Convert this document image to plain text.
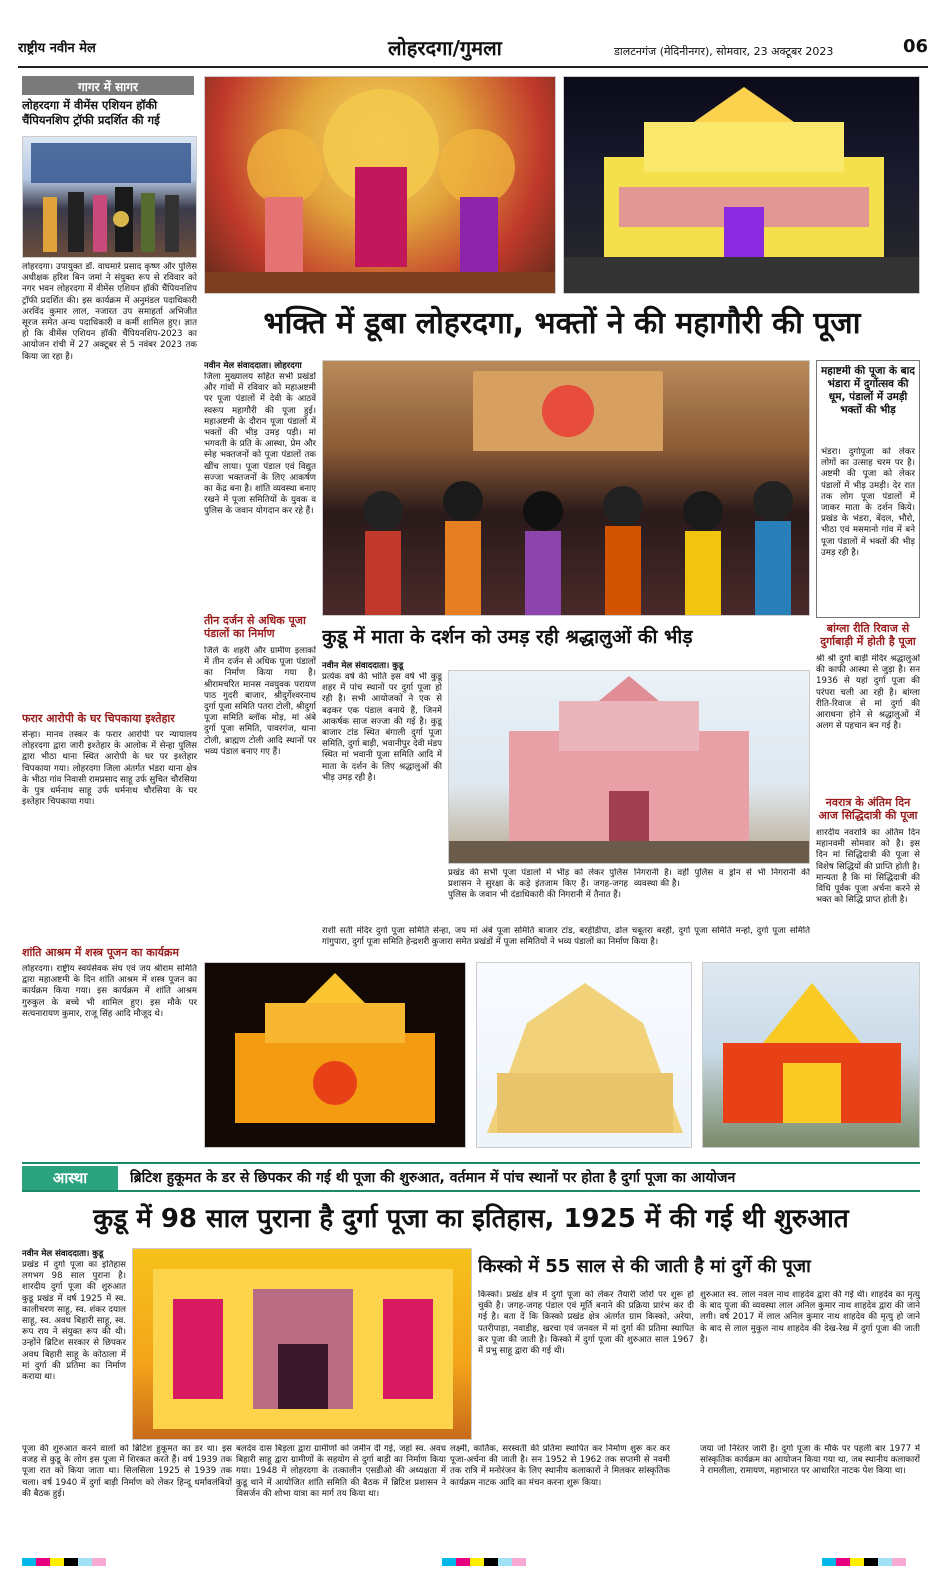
राष्ट्रीय नवीन मेल	लोहरदगा/गुमला	डालटनगंज (मेदिनीनगर), सोमवार, 23 अक्टूबर 2023	06
गागर में सागर
लोहरदगा में वीमेंस एशियन हॉकी चैंपियनशिप ट्रॉफी प्रदर्शित की गई
लोहरदगा। उपायुक्त डॉ. वाघमारे प्रसाद कृष्ण और पुलिस अधीक्षक हरिश बिन जमां ने संयुक्त रूप से रविवार को नगर भवन लोहरदगा में वीमेंस एशियन हॉकी चैंपियनशिप ट्रॉफी प्रदर्शित की। इस कार्यक्रम में अनुमंडल पदाधिकारी अरविंद कुमार लाल, नजारत उप समाहर्ता अभिजीत सूरज समेत अन्य पदाधिकारी व कर्मी शामिल हुए। ज्ञात हो कि वीमेंस एशियन हॉकी चैंपियनशिप-2023 का आयोजन रांची में 27 अक्टूबर से 5 नवंबर 2023 तक किया जा रहा है।
फरार आरोपी के घर चिपकाया इश्तेहार
सेन्हा। मानव तस्कर के फरार आरोपी पर न्यायालय लोहरदगा द्वारा जारी इश्तेहार के आलोक में सेन्हा पुलिस द्वारा भीठा थाना स्थित आरोपी के घर पर इश्तेहार चिपकाया गया। लोहरदगा जिला अंतर्गत भंडरा थाना क्षेत्र के भीठा गांव निवासी रामप्रसाद साहू उर्फ सुचित चौरसिया के पुत्र धर्मनाथ साहू उर्फ धर्मनाथ चौरसिया के घर इश्तेहार चिपकाया गया।
शांति आश्रम में शस्त्र पूजन का कार्यक्रम
लोहरदगा। राष्ट्रीय स्वयंसेवक संघ एवं जय श्रीराम समिति द्वारा महाअष्टमी के दिन शांति आश्रम में शस्त्र पूजन का कार्यक्रम किया गया। इस कार्यक्रम में शांति आश्रम गुरुकुल के बच्चे भी शामिल हुए। इस मौके पर सत्यनारायण कुमार, राजू सिंह आदि मौजूद थे।
भक्ति में डूबा लोहरदगा, भक्तों ने की महागौरी की पूजा
नवीन मेल संवाददाता। लोहरदगा
जिला मुख्यालय सहित सभी प्रखंडों और गांवों में रविवार को महाअष्टमी पर पूजा पंडालों में देवी के आठवें स्वरूप महागौरी की पूजा हुई। महाअष्टमी के दौरान पूजा पंडालों में भक्तों की भीड़ उमड़ पड़ी। मां भगवती के प्रति के आस्था, प्रेम और स्नेह भक्तजनों को पूजा पंडालों तक खींच लाया। पूजा पंडाल एवं विद्युत सज्जा भक्तजनों के लिए आकर्षण का केंद्र बना है। शांति व्यवस्था बनाए रखने में पूजा समितियों के युवक व पुलिस के जवान योगदान कर रहे हैं।
तीन दर्जन से अधिक पूजा पंडालों का निर्माण
जिले के शहरी और ग्रामीण इलाकों में तीन दर्जन से अधिक पूजा पंडालों का निर्माण किया गया है। श्रीरामचरित मानस नवयुवक परायण पाठ गुदरी बाजार, श्रीदुर्गेश्वरनाथ दुर्गा पूजा समिति पतरा टोली, श्रीदुर्गा पूजा समिति ब्लॉक मोड़, मां अंबे दुर्गा पूजा समिति, पावरगंज, थाना टोली, ब्राह्मण टोली आदि स्थानों पर भव्य पंडाल बनाए गए हैं।
महाष्टमी की पूजा के बाद भंडारा में दुर्गोत्सव की धूम, पंडालों में उमड़ी भक्तों की भीड़
भंडरा। दुर्गापूजा को लेकर लोगों का उत्साह चरम पर है। अष्टमी की पूजा को लेकर पंडालों में भीड़ उमड़ी। देर रात तक लोग पूजा पंडालों में जाकर माता के दर्शन किये। प्रखंड के भंडरा, बेंदल, भौरो, भीठा एवं मसमानो गांव में बने पूजा पंडालों में भक्तों की भीड़ उमड़ रही है।
बांग्ला रीति रिवाज से दुर्गाबाड़ी में होती है पूजा
श्री श्री दुर्गा बाड़ी मंदिर श्रद्धालुओं की काफी आस्था से जुड़ा है। सन 1936 से यहां दुर्गा पूजा की परंपरा चली आ रही है। बांग्ला रीति-रिवाज से मां दुर्गा की आराधना होने से श्रद्धालुओं में अलग से पहचान बन गई है।
नवरात्र के अंतिम दिन आज सिद्धिदात्री की पूजा
शारदीय नवरात्रि का अंतिम दिन महानवमी सोमवार को है। इस दिन मां सिद्धिदात्री की पूजा से विशेष सिद्धियों की प्राप्ति होती है। मान्यता है कि मां सिद्धिदात्री की विधि पूर्वक पूजा अर्चना करने से भक्त को सिद्धि प्राप्त होती है।
कुडू में माता के दर्शन को उमड़ रही श्रद्धालुओं की भीड़
नवीन मेल संवाददाता। कुडू
प्रत्येक वर्ष की भांति इस वर्ष भी कुडू शहर में पांच स्थानों पर दुर्गा पूजा हो रही है। सभी आयोजकों ने एक से बढ़कर एक पंडाल बनाये हैं, जिनमें आकर्षक साज सज्जा की गई है। कुडू बाजार टांड स्थित बंगाली दुर्गा पूजा समिति, दुर्गा बाड़ी, भवानीपुर देवी मंडप स्थित मां भवानी पूजा समिति आदि में माता के दर्शन के लिए श्रद्धालुओं की भीड़ उमड़ रही है।
प्रखंड की सभी पूजा पंडालों में भीड़ को लेकर पुलिस प्रशासन ने सुरक्षा के कड़े इंतजाम किए हैं। जगह-जगह पुलिस के जवान भी दंडाधिकारी की निगरानी में तैनात हैं।
निगरानी है। वहीं पुलिस व ड्रोन से भी निगरानी की व्यवस्था की है।
राशी सती मंदिर दुर्गा पूजा समिति सेन्हा, जय मां अंबे पूजा समिति बाजार टांड, बरहीडीपा, ढोल चबूतरा बरही, दुर्गा पूजा समिति मन्हो, दुर्गा पूजा समिति गांगुपारा, दुर्गा पूजा समिति हेन्द्रशरी कुजारा समेत प्रखंडों में पूजा समितियों ने भव्य पंडालों का निर्माण किया है।
आस्था	ब्रिटिश हुकूमत के डर से छिपकर की गई थी पूजा की शुरुआत, वर्तमान में पांच स्थानों पर होता है दुर्गा पूजा का आयोजन
कुडू में 98 साल पुराना है दुर्गा पूजा का इतिहास, 1925 में की गई थी शुरुआत
नवीन मेल संवाददाता। कुडू
प्रखंड में दुर्गा पूजा का इतिहास लगभग 98 साल पुराना है। शारदीय दुर्गा पूजा की शुरुआत कुडू प्रखंड में वर्ष 1925 में स्व. कालीचरण साहू, स्व. शंकर दयाल साहू, स्व. अवध बिहारी साहू, स्व. रूप राय ने संयुक्त रूप की थी। उन्होंने ब्रिटिश सरकार से छिपकर अवध बिहारी साहू के कोठाला में मां दुर्गा की प्रतिमा का निर्माण कराया था।
पूजा की शुरुआत करने वालों को ब्रिटिश हुकूमत का डर था। इस वजह से कुडू के लोग इस पूजा में शिरकत करते हैं। वर्ष 1939 तक पूजा रात को किया जाता था। सिलसिला 1925 से 1939 तक चला। वर्ष 1940 में दुर्गा बाड़ी निर्माण को लेकर हिन्दू धर्मावलंबियों की बैठक हुई।
बलदेव दास बिड़ला द्वारा ग्रामीणों को जमीन दी गई, जहां स्व. अवध बिहारी साहू द्वारा ग्रामीणों के सहयोग से दुर्गा बाड़ी का निर्माण किया गया। 1948 में लोहरदगा के तत्कालीन एसडीओ की अध्यक्षता में कुडू थाने में आयोजित शांति समिति की बैठक में ब्रिटिश प्रशासन ने विसर्जन की शोभा यात्रा का मार्ग तय किया था।
लक्ष्मी, कार्तिक, सरस्वती की प्रतिमा स्थापित कर निर्माण शुरू कर कर पूजा-अर्चना की जाती है। सन 1952 से 1962 तक सप्तमी से नवमी तक रात्रि में मनोरंजन के लिए स्थानीय कलाकारों ने मिलकर सांस्कृतिक कार्यक्रम नाटक आदि का मंचन करना शुरू किया।
किस्को में 55 साल से की जाती है मां दुर्गे की पूजा
किस्को। प्रखंड क्षेत्र में दुर्गा पूजा को लेकर तैयारी जोरों पर शुरू हो चुकी है। जगह-जगह पंडाल एवं मूर्ति बनाने की प्रक्रिया प्रारंभ कर दी गई है। बता दें कि किस्को प्रखंड क्षेत्र अंतर्गत ग्राम किस्को, अरेया, पतरीपाड़ा, नवाडीह, खरचा एवं जनवल में मां दुर्गा की प्रतिमा स्थापित कर पूजा की जाती है। किस्को में दुर्गा पूजा की शुरुआत साल 1967 में प्रभु साहू द्वारा की गई थी।
शुरुआत स्व. लाल नवल नाथ शाहदेव द्वारा की गई थी। शाहदेव का मृत्यु के बाद पूजा की व्यवस्था लाल अनिल कुमार नाथ शाहदेव द्वारा की जाने लगी। वर्ष 2017 में लाल अनिल कुमार नाथ शाहदेव की मृत्यु हो जाने के बाद से लाल मुकुल नाथ शाहदेव की देख-रेख में दुर्गा पूजा की जाती है।
जया जो निरंतर जारी है। दुर्गा पूजा के मौके पर पहली बार 1977 में सांस्कृतिक कार्यक्रम का आयोजन किया गया था, जब स्थानीय कलाकारों ने रामलीला, रामायण, महाभारत पर आधारित नाटक पेश किया था।
